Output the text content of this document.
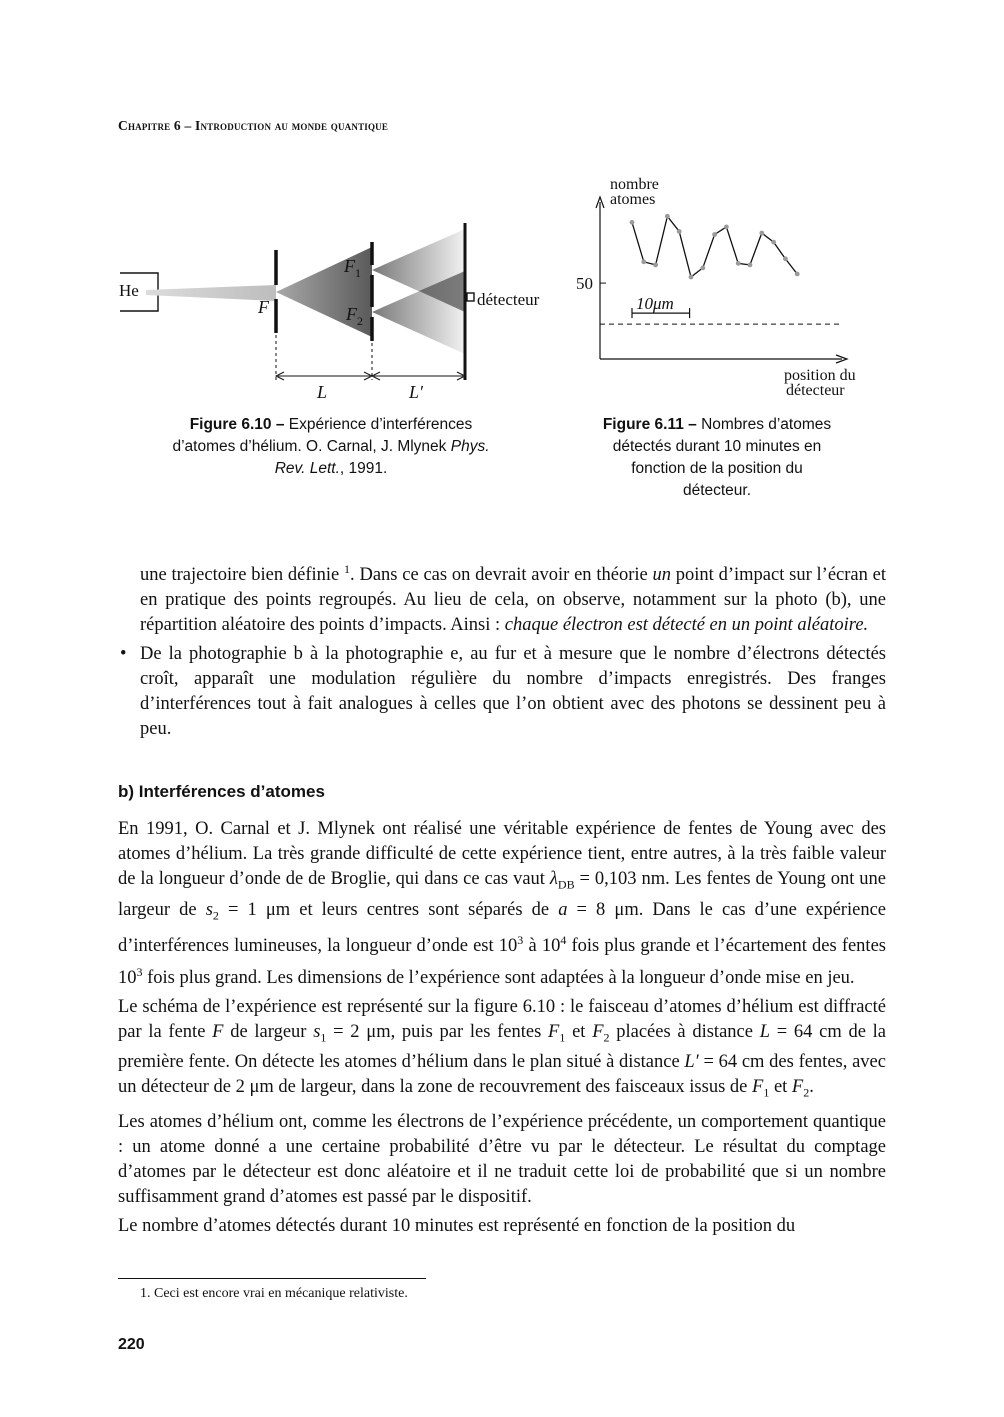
Chapitre 6 – Introduction au monde quantique
He
F
$F_1$
$F_2$
détecteur
L	L′
Figure 6.10 – Expérience d’interférences d’atomes d’hélium. O. Carnal, J. Mlynek Phys. Rev. Lett., 1991.
nombre
atomes
50
10μm
position du
détecteur
Figure 6.11 – Nombres d’atomes détectés durant 10 minutes en fonction de la position du détecteur.

une trajectoire bien définie $^1$. Dans ce cas on devrait avoir en théorie un point d’impact sur l’écran et en pratique des points regroupés. Au lieu de cela, on observe, notamment sur la photo (b), une répartition aléatoire des points d’impacts. Ainsi : chaque électron est détecté en un point aléatoire.

• De la photographie b à la photographie e, au fur et à mesure que le nombre d’électrons détectés croît, apparaît une modulation régulière du nombre d’impacts enregistrés. Des franges d’interférences tout à fait analogues à celles que l’on obtient avec des photons se dessinent peu à peu.

b) Interférences d’atomes

En 1991, O. Carnal et J. Mlynek ont réalisé une véritable expérience de fentes de Young avec des atomes d’hélium. La très grande difficulté de cette expérience tient, entre autres, à la très faible valeur de la longueur d’onde de de Broglie, qui dans ce cas vaut $\lambda_{DB} = 0,103$ nm. Les fentes de Young ont une largeur de $s_2 = 1$ μm et leurs centres sont séparés de a = 8 μm. Dans le cas d’une expérience d’interférences lumineuses, la longueur d’onde est $10^3$ à $10^4$ fois plus grande et l’écartement des fentes $10^3$ fois plus grand. Les dimensions de l’expérience sont adaptées à la longueur d’onde mise en jeu.

Le schéma de l’expérience est représenté sur la figure 6.10 : le faisceau d’atomes d’hélium est diffracté par la fente F de largeur $s_1 = 2$ μm, puis par les fentes $F_1$ et $F_2$ placées à distance L = 64 cm de la première fente. On détecte les atomes d’hélium dans le plan situé à distance L′ = 64 cm des fentes, avec un détecteur de 2 μm de largeur, dans la zone de recouvrement des faisceaux issus de $F_1$ et $F_2$.

Les atomes d’hélium ont, comme les électrons de l’expérience précédente, un comportement quantique : un atome donné a une certaine probabilité d’être vu par le détecteur. Le résultat du comptage d’atomes par le détecteur est donc aléatoire et il ne traduit cette loi de probabilité que si un nombre suffisamment grand d’atomes est passé par le dispositif.

Le nombre d’atomes détectés durant 10 minutes est représenté en fonction de la position du

1. Ceci est encore vrai en mécanique relativiste.
220
